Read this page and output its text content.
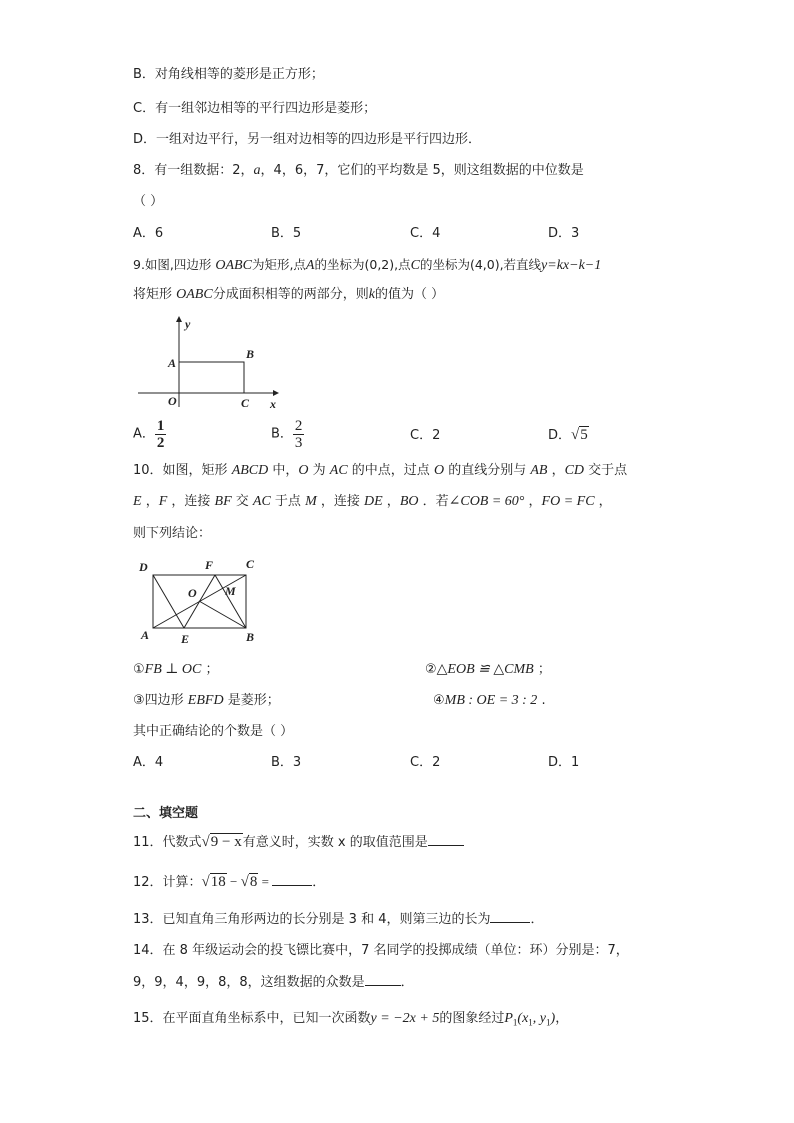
B．对角线相等的菱形是正方形；
C．有一组邻边相等的平行四边形是菱形；
D．一组对边平行，另一组对边相等的四边形是平行四边形．
8．有一组数据：2，a，4，6，7，它们的平均数是 5，则这组数据的中位数是
（ ）
A．6	B．5	C．4	D．3
9.如图,四边形 OABC为矩形,点A的坐标为(0,2),点C的坐标为(4,0),若直线y=kx−k−1
将矩形 OABC分成面积相等的两部分，则k的值为（ ）
y
x
A
B
O	C
A． $\frac{1}{2}$	B． $\frac{2}{3}$	C．2	D．√5
10．如图，矩形 ABCD 中，O 为 AC 的中点，过点 O 的直线分别与 AB ，CD 交于点
E ，F ，连接 BF 交 AC 于点 M ，连接 DE ，BO ．若∠COB = 60° ，FO = FC ，
则下列结论：
D	F	C
O M
A	E	B
①FB ⊥ OC ；	②△EOB ≌ △CMB ；
③四边形 EBFD 是菱形；	④MB : OE = 3 : 2 .
其中正确结论的个数是（ ）
A．4	B．3	C．2	D．1
二、填空题
11．代数式√9 − x有意义时，实数 x 的取值范围是
12．计算：√18 − √8 =	．
13．已知直角三角形两边的长分别是 3 和 4，则第三边的长为	．
14．在 8 年级运动会的投飞镖比赛中，7 名同学的投掷成绩（单位：环）分别是：7，
9，9，4，9，8，8，这组数据的众数是	．
15．在平面直角坐标系中，已知一次函数y = −2x + 5的图象经过$P_1(x_1$, $y_1$)，
